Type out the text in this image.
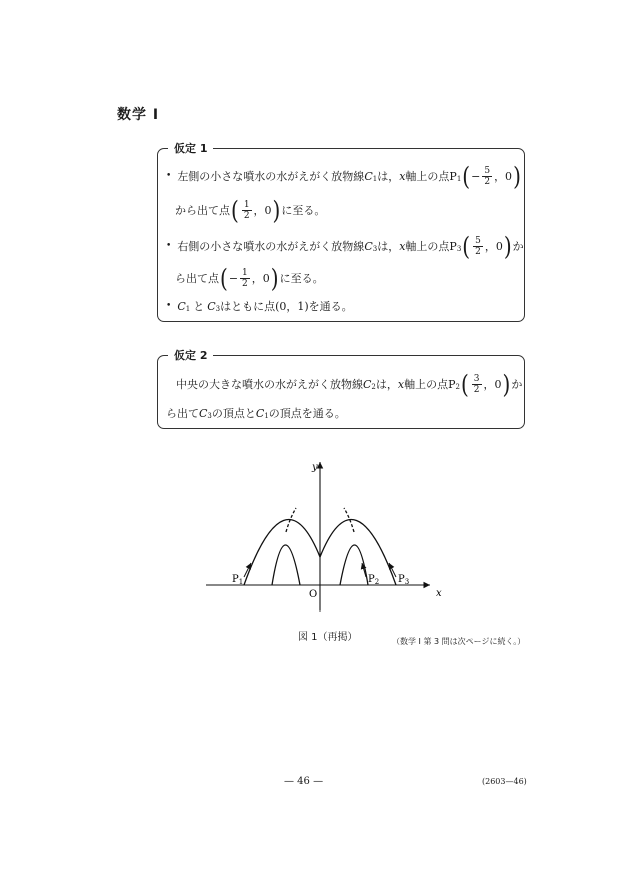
数学 I
仮定 1
• 左側の小さな噴水の水がえがく放物線 C 1 は， x 軸上の点 P 1 ( − $\frac{5}{2}$ ，0 )
から出て点 ( $\frac{1}{2}$ ，0 ) に至る。
• 右側の小さな噴水の水がえがく放物線 C 3 は， x 軸上の点 P 3 ( $\frac{5}{2}$ ，0 ) か
ら出て点 ( − $\frac{1}{2}$ ，0 ) に至る。
• C 1 と C 3 はともに点(0，1)を通る。
仮定 2
中央の大きな噴水の水がえがく放物線 C 2 は， x 軸上の点 P 2 ( $\frac{3}{2}$ ，0 ) か
ら出て C 3 の頂点と C 1 の頂点を通る。
y
x
O
$P_1$	$P_2$ $P_3$
図 1（再掲）	（数学 I 第 3 問は次ページに続く。）
— 46 —	(2603—46)
